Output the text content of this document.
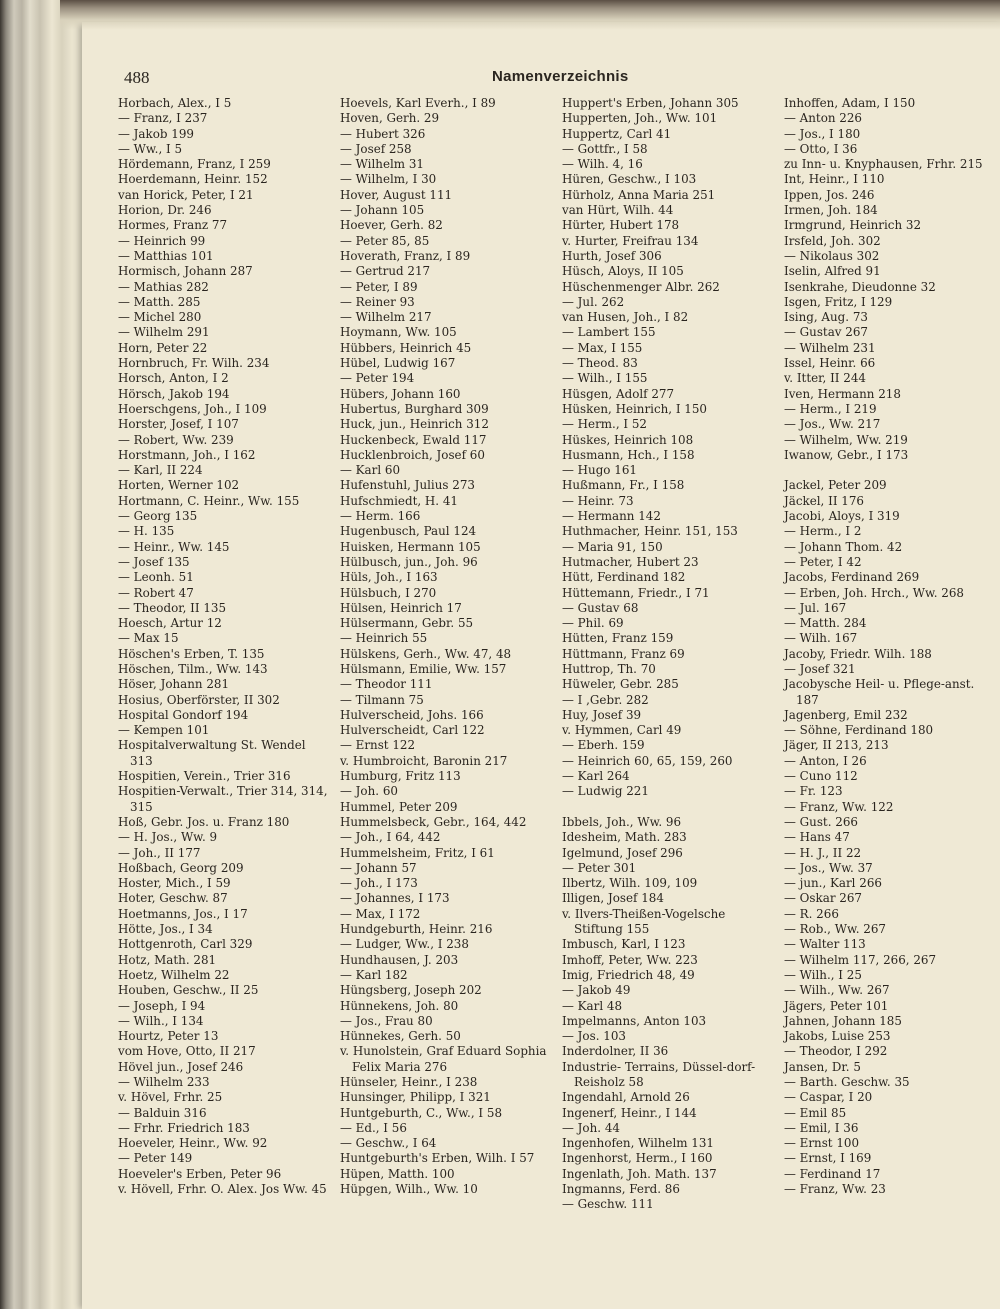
488	Namenverzeichnis
Horbach, Alex., I 5
— Franz, I 237
— Jakob 199
— Ww., I 5
Hördemann, Franz, I 259
Hoerdemann, Heinr. 152
van Horick, Peter, I 21
Horion, Dr. 246
Hormes, Franz 77
— Heinrich 99
— Matthias 101
Hormisch, Johann 287
— Mathias 282
— Matth. 285
— Michel 280
— Wilhelm 291
Horn, Peter 22
Hornbruch, Fr. Wilh. 234
Horsch, Anton, I 2
Hörsch, Jakob 194
Hoerschgens, Joh., I 109
Horster, Josef, I 107
— Robert, Ww. 239
Horstmann, Joh., I 162
— Karl, II 224
Horten, Werner 102
Hortmann, C. Heinr., Ww. 155
— Georg 135
— H. 135
— Heinr., Ww. 145
— Josef 135
— Leonh. 51
— Robert 47
— Theodor, II 135
Hoesch, Artur 12
— Max 15
Höschen's Erben, T. 135
Höschen, Tilm., Ww. 143
Höser, Johann 281
Hosius, Oberförster, II 302
Hospital Gondorf 194
— Kempen 101
Hospitalverwaltung St. Wendel 313
Hospitien, Verein., Trier 316
Hospitien-Verwalt., Trier 314, 314, 315
Hoß, Gebr. Jos. u. Franz 180
— H. Jos., Ww. 9
— Joh., II 177
Hoßbach, Georg 209
Hoster, Mich., I 59
Hoter, Geschw. 87
Hoetmanns, Jos., I 17
Hötte, Jos., I 34
Hottgenroth, Carl 329
Hotz, Math. 281
Hoetz, Wilhelm 22
Houben, Geschw., II 25
— Joseph, I 94
— Wilh., I 134
Hourtz, Peter 13
vom Hove, Otto, II 217
Hövel jun., Josef 246
— Wilhelm 233
v. Hövel, Frhr. 25
— Balduin 316
— Frhr. Friedrich 183
Hoeveler, Heinr., Ww. 92
— Peter 149
Hoeveler's Erben, Peter 96
v. Hövell, Frhr. O. Alex. Jos Ww. 45
Hoevels, Karl Everh., I 89
Hoven, Gerh. 29
— Hubert 326
— Josef 258
— Wilhelm 31
— Wilhelm, I 30
Hover, August 111
— Johann 105
Hoever, Gerh. 82
— Peter 85, 85
Hoverath, Franz, I 89
— Gertrud 217
— Peter, I 89
— Reiner 93
— Wilhelm 217
Hoymann, Ww. 105
Hübbers, Heinrich 45
Hübel, Ludwig 167
— Peter 194
Hübers, Johann 160
Hubertus, Burghard 309
Huck, jun., Heinrich 312
Huckenbeck, Ewald 117
Hucklenbroich, Josef 60
— Karl 60
Hufenstuhl, Julius 273
Hufschmiedt, H. 41
— Herm. 166
Hugenbusch, Paul 124
Huisken, Hermann 105
Hülbusch, jun., Joh. 96
Hüls, Joh., I 163
Hülsbuch, I 270
Hülsen, Heinrich 17
Hülsermann, Gebr. 55
— Heinrich 55
Hülskens, Gerh., Ww. 47, 48
Hülsmann, Emilie, Ww. 157
— Theodor 111
— Tilmann 75
Hulverscheid, Johs. 166
Hulverscheidt, Carl 122
— Ernst 122
v. Humbroicht, Baronin 217
Humburg, Fritz 113
— Joh. 60
Hummel, Peter 209
Hummelsbeck, Gebr., 164, 442
— Joh., I 64, 442
Hummelsheim, Fritz, I 61
— Johann 57
— Joh., I 173
— Johannes, I 173
— Max, I 172
Hundgeburth, Heinr. 216
— Ludger, Ww., I 238
Hundhausen, J. 203
— Karl 182
Hüngsberg, Joseph 202
Hünnekens, Joh. 80
— Jos., Frau 80
Hünnekes, Gerh. 50
v. Hunolstein, Graf Eduard Sophia Felix Maria 276
Hünseler, Heinr., I 238
Hunsinger, Philipp, I 321
Huntgeburth, C., Ww., I 58
— Ed., I 56
— Geschw., I 64
Huntgeburth's Erben, Wilh. I 57
Hüpen, Matth. 100
Hüpgen, Wilh., Ww. 10
Huppert's Erben, Johann 305
Hupperten, Joh., Ww. 101
Huppertz, Carl 41
— Gottfr., I 58
— Wilh. 4, 16
Hüren, Geschw., I 103
Hürholz, Anna Maria 251
van Hürt, Wilh. 44
Hürter, Hubert 178
v. Hurter, Freifrau 134
Hurth, Josef 306
Hüsch, Aloys, II 105
Hüschenmenger Albr. 262
— Jul. 262
van Husen, Joh., I 82
— Lambert 155
— Max, I 155
— Theod. 83
— Wilh., I 155
Hüsgen, Adolf 277
Hüsken, Heinrich, I 150
— Herm., I 52
Hüskes, Heinrich 108
Husmann, Hch., I 158
— Hugo 161
Hußmann, Fr., I 158
— Heinr. 73
— Hermann 142
Huthmacher, Heinr. 151, 153
— Maria 91, 150
Hutmacher, Hubert 23
Hütt, Ferdinand 182
Hüttemann, Friedr., I 71
— Gustav 68
— Phil. 69
Hütten, Franz 159
Hüttmann, Franz 69
Huttrop, Th. 70
Hüweler, Gebr. 285
— I ,Gebr. 282
Huy, Josef 39
v. Hymmen, Carl 49
— Eberh. 159
— Heinrich 60, 65, 159, 260
— Karl 264
— Ludwig 221
Ibbels, Joh., Ww. 96
Idesheim, Math. 283
Igelmund, Josef 296
— Peter 301
Ilbertz, Wilh. 109, 109
Illigen, Josef 184
v. Ilvers-Theißen-Vogelsche Stiftung 155
Imbusch, Karl, I 123
Imhoff, Peter, Ww. 223
Imig, Friedrich 48, 49
— Jakob 49
— Karl 48
Impelmanns, Anton 103
— Jos. 103
Inderdolner, II 36
Industrie- Terrains, Düssel-dorf-Reisholz 58
Ingendahl, Arnold 26
Ingenerf, Heinr., I 144
— Joh. 44
Ingenhofen, Wilhelm 131
Ingenhorst, Herm., I 160
Ingenlath, Joh. Math. 137
Ingmanns, Ferd. 86
— Geschw. 111
Inhoffen, Adam, I 150
— Anton 226
— Jos., I 180
— Otto, I 36
zu Inn- u. Knyphausen, Frhr. 215
Int, Heinr., I 110
Ippen, Jos. 246
Irmen, Joh. 184
Irmgrund, Heinrich 32
Irsfeld, Joh. 302
— Nikolaus 302
Iselin, Alfred 91
Isenkrahe, Dieudonne 32
Isgen, Fritz, I 129
Ising, Aug. 73
— Gustav 267
— Wilhelm 231
Issel, Heinr. 66
v. Itter, II 244
Iven, Hermann 218
— Herm., I 219
— Jos., Ww. 217
— Wilhelm, Ww. 219
Iwanow, Gebr., I 173
Jackel, Peter 209
Jäckel, II 176
Jacobi, Aloys, I 319
— Herm., I 2
— Johann Thom. 42
— Peter, I 42
Jacobs, Ferdinand 269
— Erben, Joh. Hrch., Ww. 268
— Jul. 167
— Matth. 284
— Wilh. 167
Jacoby, Friedr. Wilh. 188
— Josef 321
Jacobysche Heil- u. Pflege-anst. 187
Jagenberg, Emil 232
— Söhne, Ferdinand 180
Jäger, II 213, 213
— Anton, I 26
— Cuno 112
— Fr. 123
— Franz, Ww. 122
— Gust. 266
— Hans 47
— H. J., II 22
— Jos., Ww. 37
— jun., Karl 266
— Oskar 267
— R. 266
— Rob., Ww. 267
— Walter 113
— Wilhelm 117, 266, 267
— Wilh., I 25
— Wilh., Ww. 267
Jägers, Peter 101
Jahnen, Johann 185
Jakobs, Luise 253
— Theodor, I 292
Jansen, Dr. 5
— Barth. Geschw. 35
— Caspar, I 20
— Emil 85
— Emil, I 36
— Ernst 100
— Ernst, I 169
— Ferdinand 17
— Franz, Ww. 23
